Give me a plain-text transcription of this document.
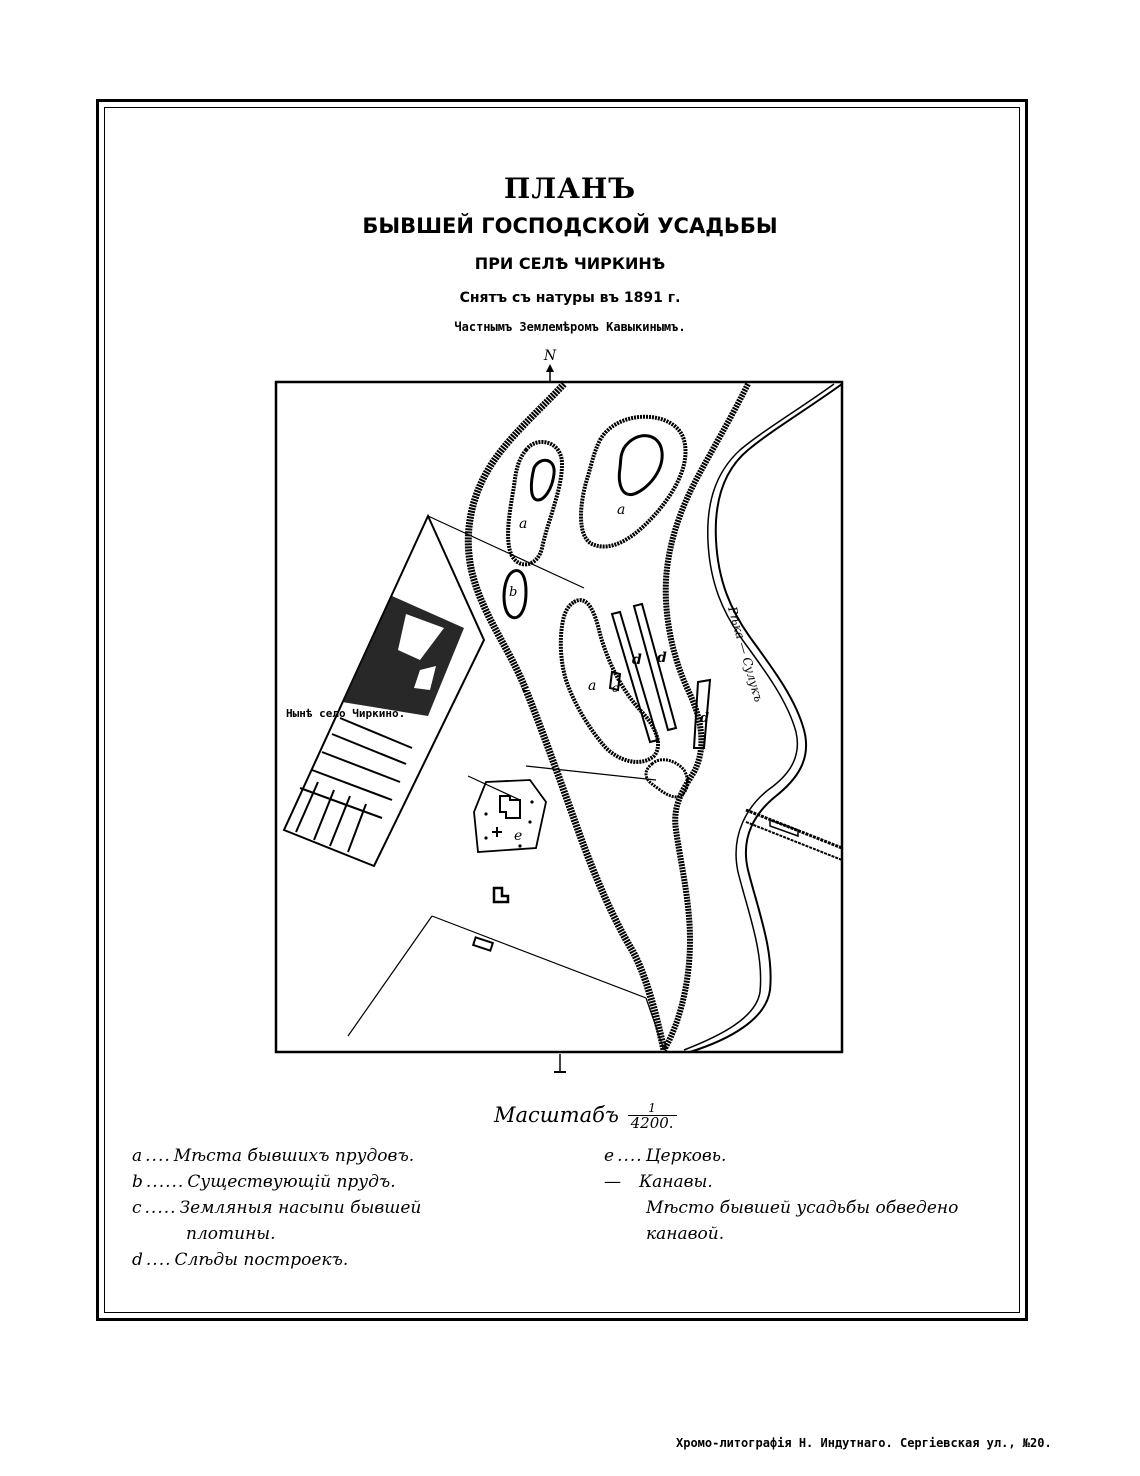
ПЛАНЪ
БЫВШЕЙ ГОСПОДСКОЙ УСАДЬБЫ
ПРИ СЕЛѢ ЧИРКИНѢ
Снятъ съ натуры въ 1891 г.
Частнымъ Землемѣромъ Кавыкинымъ.
N
a
a
b
a
d d
d
c
e
b
Нынѣ село Чиркино.
Рѣка — Сулукъ
Масштабъ $\frac{1}{4200.}$
a .... Мѣста бывшихъ прудовъ.
b ...... Существующій прудъ.
c ..... Земляныя насыпи бывшей
плотины.
d .... Слѣды построекъ.
e .... Церковь.
— Канавы.
Мѣсто бывшей усадьбы обведено
канавой.
Хромо-литографія Н. Индутнаго. Сергіевская ул., №20.
